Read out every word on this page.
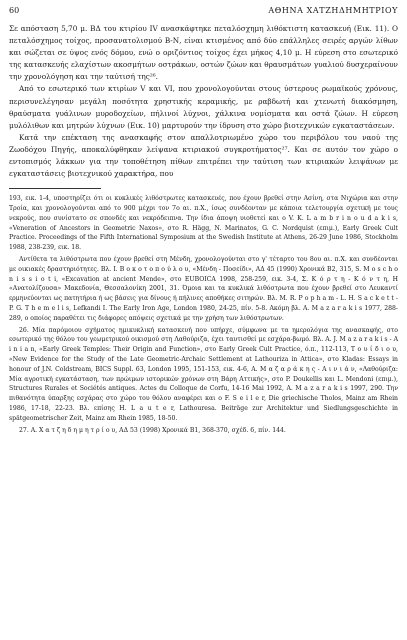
60	ΑΘΗΝΑ ΧΑΤΖΗΔΗΜΗΤΡΙΟΥ

Σε απόσταση 5,70 μ. ΒΔ του κτιρίου IV ανασκάφτηκε πεταλόσχημη λιθόκτιστη κατασκευή (Εικ. 11). Ο πεταλόσχημος τοίχος, προσανατολισμού Β-Ν, είναι κτισμένος από δύο επάλληλες σειρές αργών λίθων και σώζεται σε ύψος ενός δόμου, ενώ ο οριζόντιος τοίχος έχει μήκος 4,10 μ. Η εύρεση στο εσωτερικό της κατασκευής ελαχίστων ακοσμήτων οστράκων, οστών ζώων και θραυσμάτων γυαλιού δυσχεραίνουν την χρονολόγηση και την ταύτισή της²⁶.

Από το εσωτερικό των κτιρίων V και VI, που χρονολογούνται στους ύστερους ρωμαϊκούς χρόνους, περισυνελέγησαν μεγάλη ποσότητα χρηστικής κεραμικής, με ραβδωτή και χτενωτή διακόσμηση, θραύσματα γυάλινων μυροδοχείων, πήλινοί λύχνοι, χάλκινα νομίσματα και οστά ζώων. Η εύρεση μυλόλιθων και μητρών λύχνων (Εικ. 10) μαρτυρούν την ίδρυση στο χώρο βιοτεχνικών εγκαταστάσεων.

Κατά την επέκταση της ανασκαφής στον απαλλοτριωμένο χώρο του περιβόλου του ναού της Ζωοδόχου Πηγής, αποκαλύφθηκαν λείψανα κτιριακού συγκροτήματος²⁷. Και σε αυτόν τον χώρο ο εντοπισμός λάκκων για την τοποθέτηση πίθων επιτρέπει την ταύτιση των κτιριακών λειψάνων με εγκαταστάσεις βιοτεχνικού χαρακτήρα, που

193, εικ. 1-4, υποστηρίζει ότι οι κυκλικές λιθόστρωτες κατασκευές, που έχουν βρεθεί στην Ασίνη, στα Νιχώρια και στην Τροία, και χρονολογούνται από το 900 μέχρι τον 7ο αι. π.Χ., ίσως συνδέονταν με κάποια τελετουργία σχετική με τους νεκρούς, που συνίστατο σε σπονδές και νεκρόδειπνα. Την ίδια άποψη υιοθετεί και ο V. K. L a m b r i n o u d a k i s, «Veneration of Ancestors in Geometric Naxos», στο R. Hägg, N. Marinatos, G. C. Nordquist (επιμ.), Early Greek Cult Practice. Proceedings of the Fifth International Symposium at the Swedish Institute at Athens, 26-29 June 1986, Stockholm 1988, 238-239, εικ. 18.

Αντίθετα τα λιθόστρωτα που έχουν βρεθεί στη Μένδη, χρονολογούνται στο γ' τέταρτο του 8ου αι. π.Χ. και συνδέονται με οικιακές δραστηριότητες. Βλ. Ι. Β ο κ ο τ ο π ο ύ λ ο υ, «Μένδη - Ποσείδι», ΑΔ 45 (1990) Χρονικά Β2, 315, S. M o s c h o n i s s i o t i, «Excavation at ancient Mende», στο EUBOICA 1998, 258-259, εικ. 3-4, Σ. Κ ό ρ τ η - Κ ό ν τ η, Η «Ανατολίζουσα» Μακεδονία, Θεσσαλονίκη 2001, 31. Όμοια και τα κυκλικά λιθόστρωτα που έχουν βρεθεί στο Λευκαντί ερμηνεύονται ως πατητήρια ή ως βάσεις για δίνους ή πήλινες αποθήκες σιτηρών. Βλ. M. R. P o p h a m - L. H. S a c k e t t - P. G. T h e m e l i s, Lefkandi I. The Early Iron Age, London 1980, 24-25, πίν. 5-8. Ακόμη βλ. A. M a z a r a k i s 1977, 288-289, ο οποίος παραθέτει τις διάφορες απόψεις σχετικά με την χρήση των λιθόστρωτων.

26. Μία παρόμοιου σχήματος ημικυκλική κατασκευή που υπήρχε, σύμφωνα με τα ημερολόγια της ανασκαφής, στο εσωτερικό της θόλου του γεωμετρικού οικισμού στη Λαθούριζα, έχει ταυτισθεί με εσχάρα-βωμό. Βλ. A. J. M a z a r a k i s - A i n i a n, «Early Greek Temples: Their Origin and Function», στο Early Greek Cult Practice, ό.π., 112-113, Τ ο υ ί δ ι ο υ, «New Evidence for the Study of the Late Geometric-Archaic Settlement at Lathouriza in Attica», στο Kladas: Essays in honour of J.N. Coldstream, BICS Suppl. 63, London 1995, 151-153, εικ. 4-6, Α. Μ α ζ α ρ ά κ η ς - Α ι ν ι ά ν, «Λαθούριζα: Μία αγροτική εγκατάσταση, των πρώιμων ιστορικών χρόνων στη Βάρη Αττικής», στο P. Doukellis και L. Mendoni (επιμ.), Structures Rurales et Sociétés antiques. Actes du Colloque de Corfu, 14-16 Mai 1992, A. M a z a r a k i s 1997, 290. Την πιθανότητα ύπαρξης εσχάρας στο χώρο του θόλου αναφέρει και ο F. S e i l e r, Die griechische Tholos, Mainz am Rhein 1986, 17-18, 22-23. Βλ. επίσης H. L a u t e r, Lathouresa. Beiträge zur Architektur und Siedlungsgeschichte in spätgeometrischer Zeit, Mainz am Rhein 1985, 18-50.

27. Α. Χ α τ ζ η δ η μ η τ ρ ί ο υ, ΑΔ 53 (1998) Χρονικά Β1, 368-370, σχέδ. 6, πίν. 144.
